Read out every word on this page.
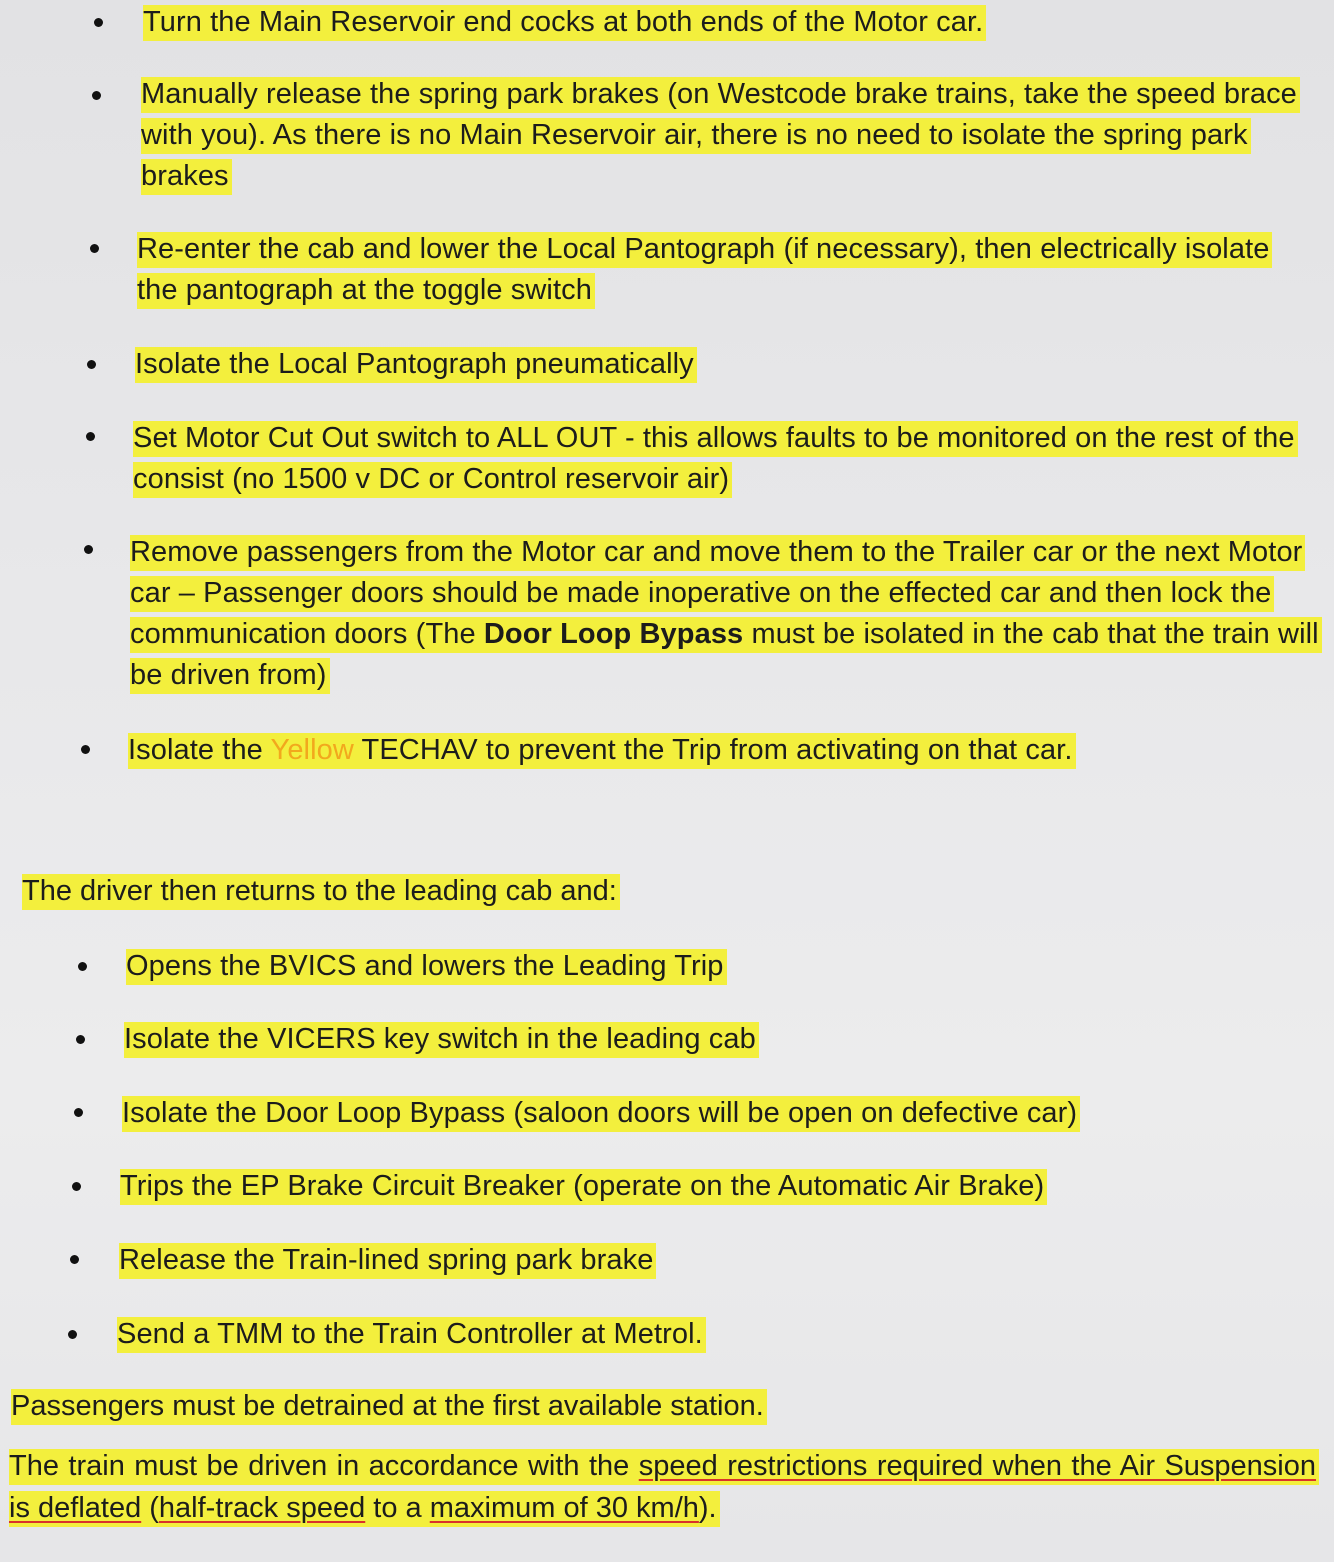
Turn the Main Reservoir end cocks at both ends of the Motor car.
Manually release the spring park brakes (on Westcode brake trains, take the speed brace with you). As there is no Main Reservoir air, there is no need to isolate the spring park brakes
Re-enter the cab and lower the Local Pantograph (if necessary), then electrically isolate the pantograph at the toggle switch
Isolate the Local Pantograph pneumatically
Set Motor Cut Out switch to ALL OUT - this allows faults to be monitored on the rest of the consist (no 1500 v DC or Control reservoir air)
Remove passengers from the Motor car and move them to the Trailer car or the next Motor car – Passenger doors should be made inoperative on the effected car and then lock the communication doors (The Door Loop Bypass must be isolated in the cab that the train will be driven from)
Isolate the Yellow TECHAV to prevent the Trip from activating on that car.
The driver then returns to the leading cab and:
Opens the BVICS and lowers the Leading Trip
Isolate the VICERS key switch in the leading cab
Isolate the Door Loop Bypass (saloon doors will be open on defective car)
Trips the EP Brake Circuit Breaker (operate on the Automatic Air Brake)
Release the Train-lined spring park brake
Send a TMM to the Train Controller at Metrol.
Passengers must be detrained at the first available station.
The train must be driven in accordance with the speed restrictions required when the Air Suspension is deflated (half-track speed to a maximum of 30 km/h).
